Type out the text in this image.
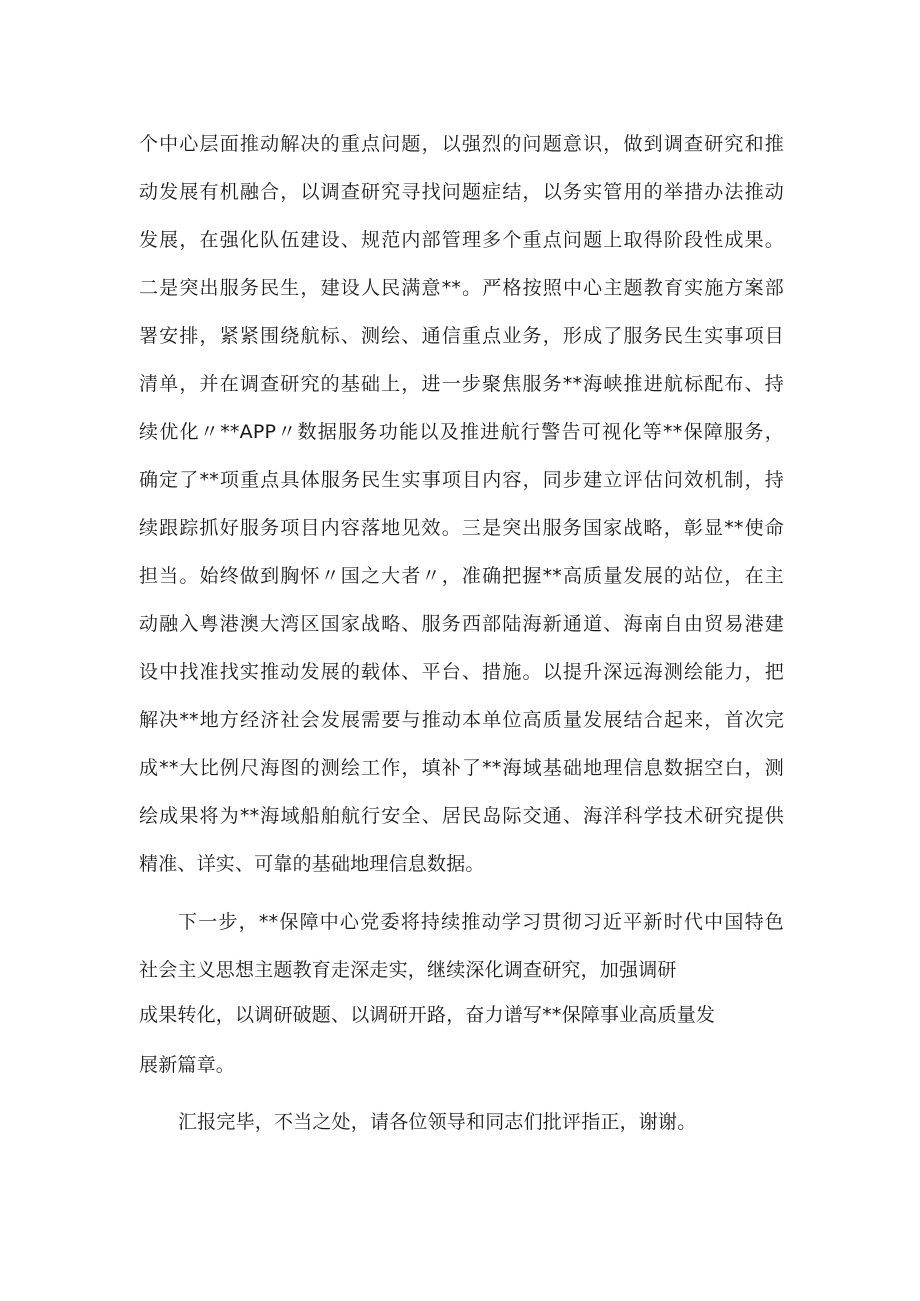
个中心层面推动解决的重点问题，以强烈的问题意识，做到调查研究和推
动发展有机融合，以调查研究寻找问题症结，以务实管用的举措办法推动
发展，在强化队伍建设、规范内部管理多个重点问题上取得阶段性成果。
二是突出服务民生，建设人民满意**。严格按照中心主题教育实施方案部
署安排，紧紧围绕航标、测绘、通信重点业务，形成了服务民生实事项目
清单，并在调查研究的基础上，进一步聚焦服务**海峡推进航标配布、持
续优化〃**APP〃数据服务功能以及推进航行警告可视化等**保障服务，
确定了**项重点具体服务民生实事项目内容，同步建立评估问效机制，持
续跟踪抓好服务项目内容落地见效。三是突出服务国家战略，彰显**使命
担当。始终做到胸怀〃国之大者〃，准确把握**高质量发展的站位，在主
动融入粤港澳大湾区国家战略、服务西部陆海新通道、海南自由贸易港建
设中找准找实推动发展的载体、平台、措施。以提升深远海测绘能力，把
解决**地方经济社会发展需要与推动本单位高质量发展结合起来，首次完
成**大比例尺海图的测绘工作，填补了**海域基础地理信息数据空白，测
绘成果将为**海域船舶航行安全、居民岛际交通、海洋科学技术研究提供
精准、详实、可靠的基础地理信息数据。
下一步，**保障中心党委将持续推动学习贯彻习近平新时代中国特色
社会主义思想主题教育走深走实，继续深化调查研究，加强调研
成果转化，以调研破题、以调研开路，奋力谱写**保障事业高质量发
展新篇章。
汇报完毕，不当之处，请各位领导和同志们批评指正，谢谢。
